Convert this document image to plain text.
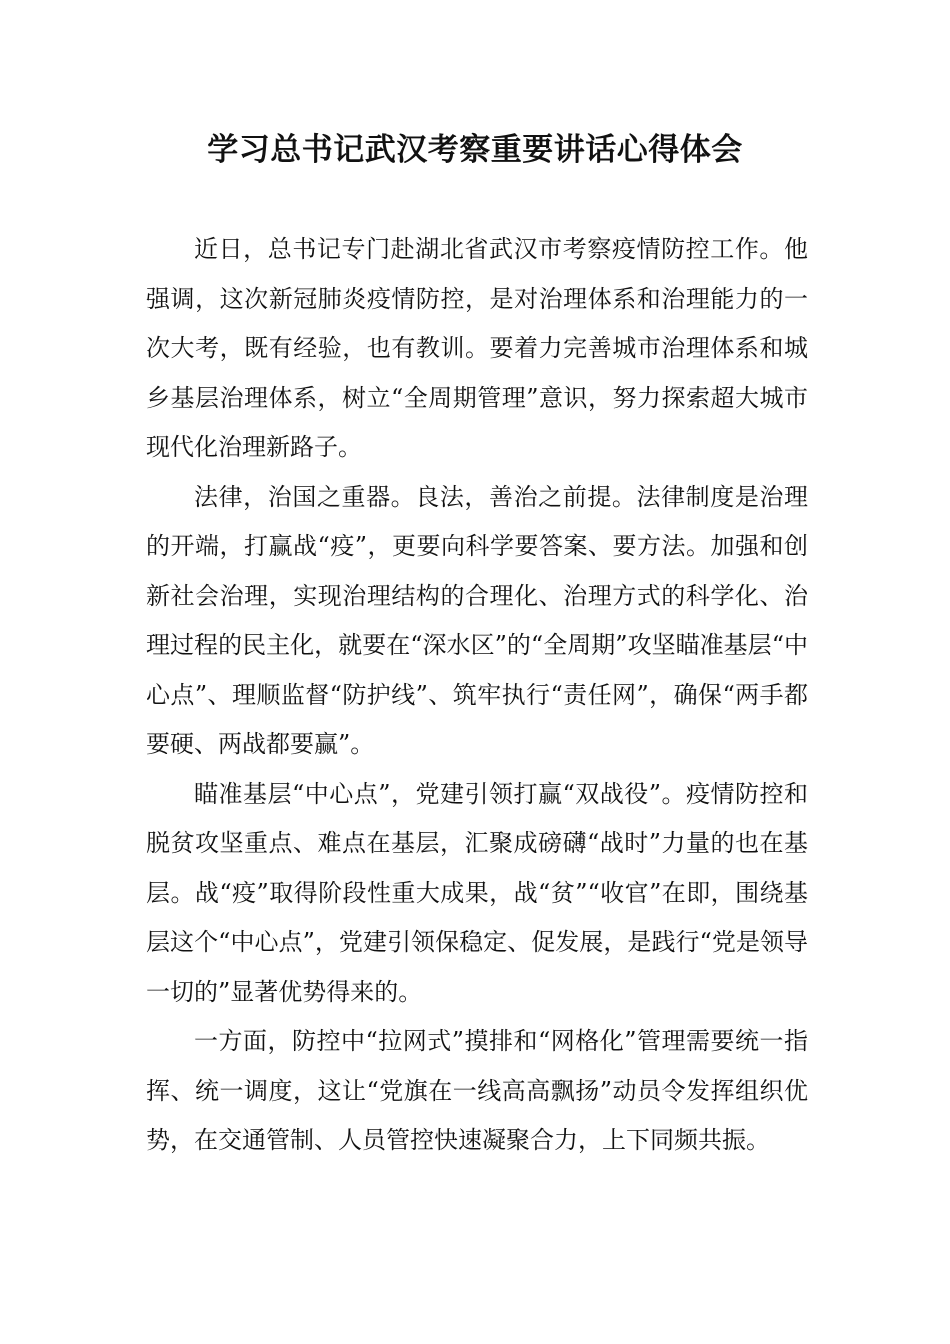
学习总书记武汉考察重要讲话心得体会

近日，总书记专门赴湖北省武汉市考察疫情防控工作。他强调，这次新冠肺炎疫情防控，是对治理体系和治理能力的一次大考，既有经验，也有教训。要着力完善城市治理体系和城乡基层治理体系，树立“全周期管理”意识，努力探索超大城市现代化治理新路子。

法律，治国之重器。良法，善治之前提。法律制度是治理的开端，打赢战“疫”，更要向科学要答案、要方法。加强和创新社会治理，实现治理结构的合理化、治理方式的科学化、治理过程的民主化，就要在“深水区”的“全周期”攻坚瞄准基层“中心点”、理顺监督“防护线”、筑牢执行“责任网”，确保“两手都要硬、两战都要赢”。

瞄准基层“中心点”，党建引领打赢“双战役”。疫情防控和脱贫攻坚重点、难点在基层，汇聚成磅礴“战时”力量的也在基层。战“疫”取得阶段性重大成果，战“贫”“收官”在即，围绕基层这个“中心点”，党建引领保稳定、促发展，是践行“党是领导一切的”显著优势得来的。

一方面，防控中“拉网式”摸排和“网格化”管理需要统一指挥、统一调度，这让“党旗在一线高高飘扬”动员令发挥组织优势，在交通管制、人员管控快速凝聚合力，上下同频共振。
